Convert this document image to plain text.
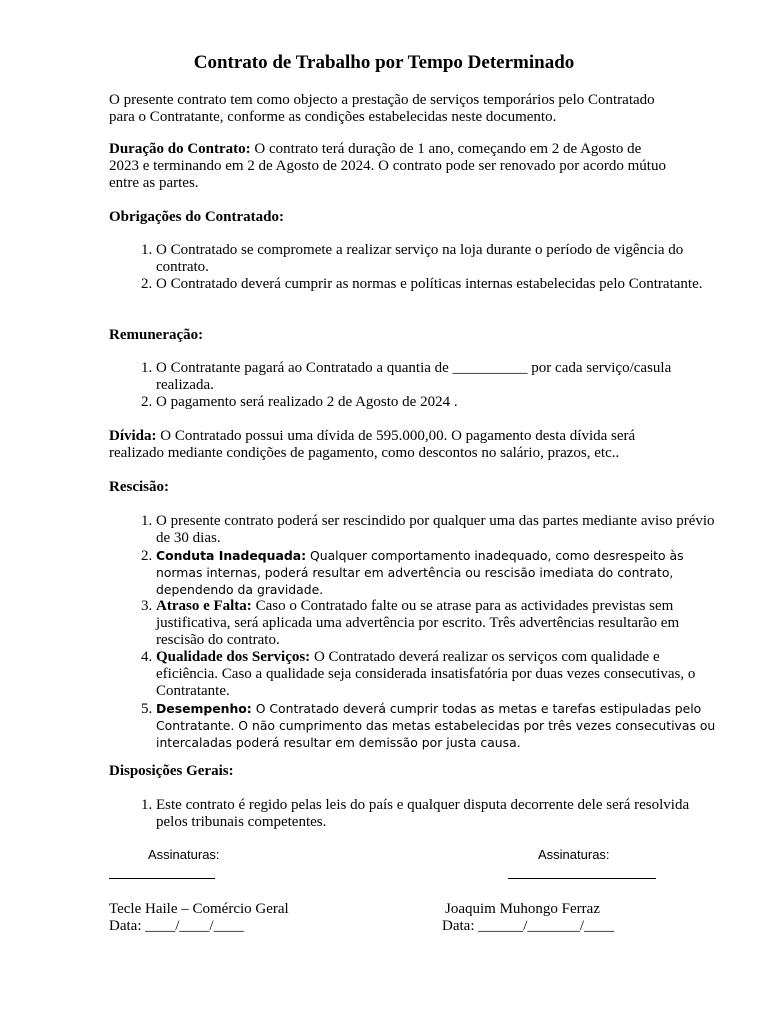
Contrato de Trabalho por Tempo Determinado
O presente contrato tem como objecto a prestação de serviços temporários pelo Contratado para o Contratante, conforme as condições estabelecidas neste documento.
Duração do Contrato: O contrato terá duração de 1 ano, começando em 2 de Agosto de 2023 e terminando em 2 de Agosto de 2024. O contrato pode ser renovado por acordo mútuo entre as partes.
Obrigações do Contratado:
1. O Contratado se compromete a realizar serviço na loja durante o período de vigência do contrato.
2. O Contratado deverá cumprir as normas e políticas internas estabelecidas pelo Contratante.
Remuneração:
1. O Contratante pagará ao Contratado a quantia de __________ por cada serviço/casula realizada.
2. O pagamento será realizado 2 de Agosto de 2024 .
Dívida: O Contratado possui uma dívida de 595.000,00. O pagamento desta dívida será realizado mediante condições de pagamento, como descontos no salário, prazos, etc..
Rescisão:
1. O presente contrato poderá ser rescindido por qualquer uma das partes mediante aviso prévio de 30 dias.
2. Conduta Inadequada: Qualquer comportamento inadequado, como desrespeito às normas internas, poderá resultar em advertência ou rescisão imediata do contrato, dependendo da gravidade.
3. Atraso e Falta: Caso o Contratado falte ou se atrase para as actividades previstas sem justificativa, será aplicada uma advertência por escrito. Três advertências resultarão em rescisão do contrato.
4. Qualidade dos Serviços: O Contratado deverá realizar os serviços com qualidade e eficiência. Caso a qualidade seja considerada insatisfatória por duas vezes consecutivas, o Contratante.
5. Desempenho: O Contratado deverá cumprir todas as metas e tarefas estipuladas pelo Contratante. O não cumprimento das metas estabelecidas por três vezes consecutivas ou intercaladas poderá resultar em demissão por justa causa.
Disposições Gerais:
1. Este contrato é regido pelas leis do país e qualquer disputa decorrente dele será resolvida pelos tribunais competentes.
Assinaturas:	Assinaturas:
Tecle Haile – Comércio Geral	Joaquim Muhongo Ferraz
Data: ____/____/____	Data: ______/_______/____
